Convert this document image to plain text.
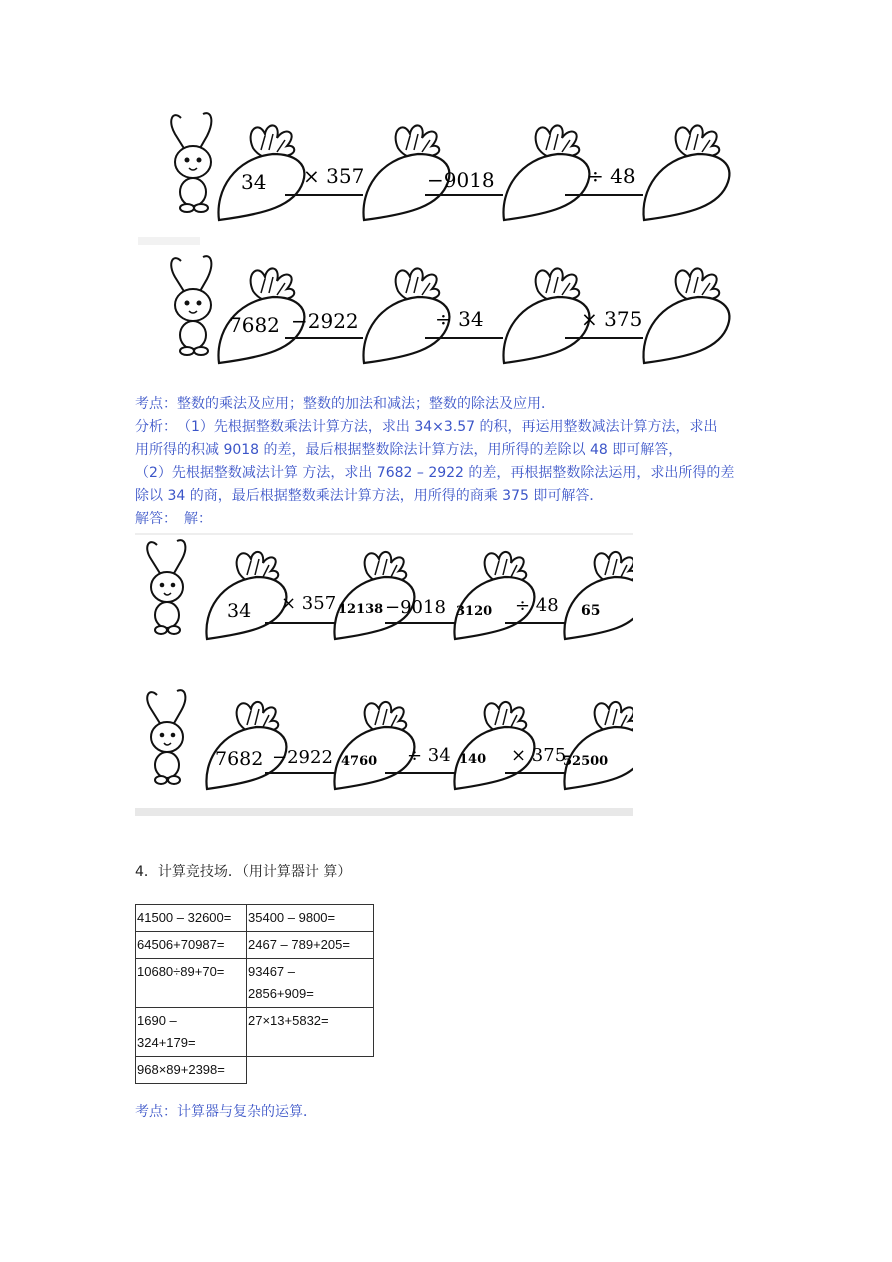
34 × 357	−9018	÷ 48
7682 −2922	÷ 34	× 375
考点：整数的乘法及应用；整数的加法和减法；整数的除法及应用．
分析：　（1）先根据整数乘法计算方法，求出 34×3.57 的积，再运用整数减法计算方法，求出
用所得的积减 9018 的差，最后根据整数除法计算方法，用所得的差除以 48 即可解答，
（2）先根据整数减法计算 方法，求出 7682 – 2922 的差，再根据整数除法运用，求出所得的差
除以 34 的商，最后根据整数乘法计算方法，用所得的商乘 375 即可解答．
解答：　解：
34 × 357 12138 −9018 3120 ÷ 48 65
7682 −2922 4760 ÷ 34 140 × 375
52500
4．计算竞技场．（用计算器计 算）
41500 – 32600=	35400 – 9800=
64506+70987=	2467 – 789+205=
10680÷89+70=	93467 –
2856+909=
1690 –
324+179=	27×13+5832=
968×89+2398=	
考点：计算器与复杂的运算．
